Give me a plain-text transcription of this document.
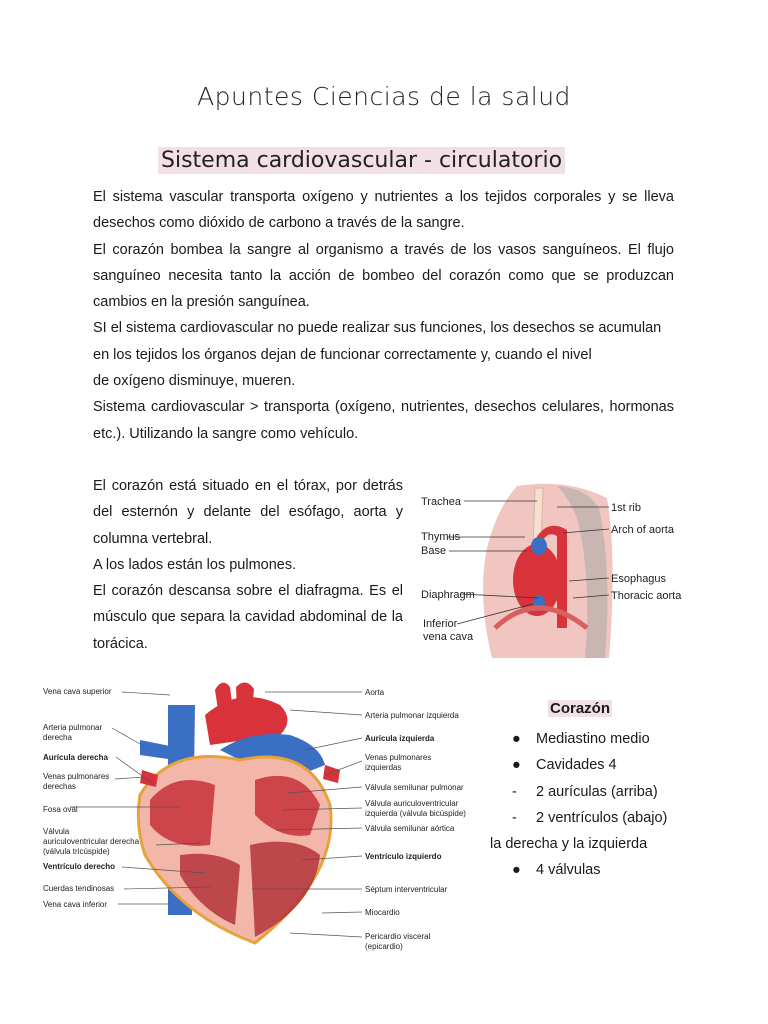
Apuntes Ciencias de la salud
Sistema cardiovascular - circulatorio

El sistema vascular transporta oxígeno y nutrientes a los tejidos corporales y se lleva desechos como dióxido de carbono a través de la sangre.

El corazón bombea la sangre al organismo a través de los vasos sanguíneos. El flujo sanguíneo necesita tanto la acción de bombeo del corazón como que se produzcan cambios en la presión sanguínea.

SI el sistema cardiovascular no puede realizar sus funciones, los desechos se acumulan en los tejidos los órganos dejan de funcionar correctamente y, cuando el nivel

de oxígeno disminuye, mueren.

Sistema cardiovascular > transporta (oxígeno, nutrientes, desechos celulares, hormonas etc.). Utilizando la sangre como vehículo.

El corazón está situado en el tórax, por detrás del esternón y delante del esófago, aorta y columna vertebral.

A los lados están los pulmones.

El corazón descansa sobre el diafragma. Es el músculo que separa la cavidad abdominal de la torácica.

Trachea
Thymus
Base
Diaphragm
Inferior
vena cava
1st rib
Arch of aorta
Esophagus
Thoracic aorta
Vena cava superior
Arteria pulmonar
derecha
Aurícula derecha
Venas pulmonares
derechas
Fosa oval
Válvula
auriculoventricular derecha
(válvula tricúspide)
Ventrículo derecho
Cuerdas tendinosas
Vena cava inferior
Aorta
Arteria pulmonar izquierda
Aurícula izquierda
Venas pulmonares
izquierdas
Válvula semilunar pulmonar
Válvula auriculoventricular
izquierda (válvula bicúspide)
Válvula semilunar aórtica
Ventrículo izquierdo
Séptum interventricular
Miocardio
Pericardio visceral
(epicardio)
Corazón
● Mediastino medio
● Cavidades 4
- 2 aurículas (arriba)
- 2 ventrículos (abajo)
la derecha y la izquierda
● 4 válvulas
